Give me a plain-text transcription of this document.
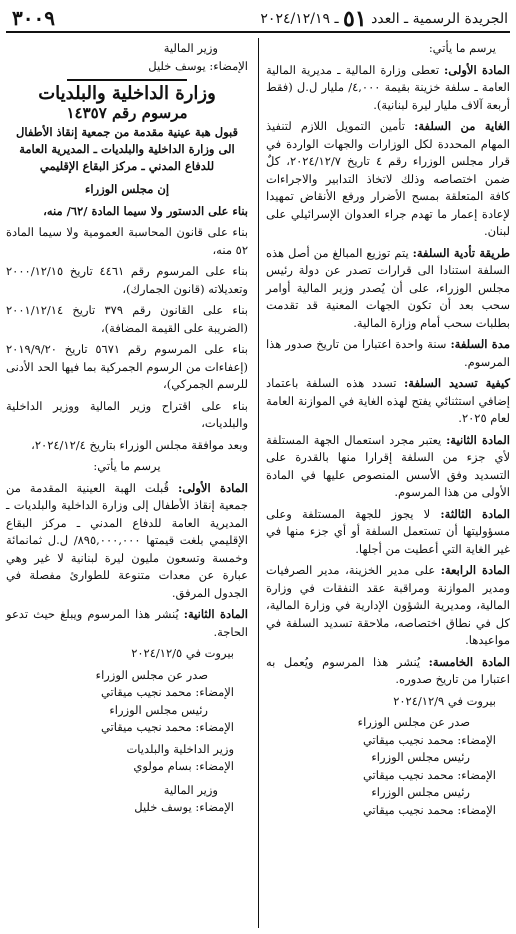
الجريدة الرسمية ـ العدد ٥١ ـ ٢٠٢٤/١٢/١٩
٣٠٠٩

يرسم ما يأتي:

المادة الأولى: تعطى وزارة المالية ـ مديرية المالية العامة ـ سلفة خزينة بقيمة ٤,٠٠٠/ مليار ل.ل (فقط أربعة آلاف مليار ليرة لبنانية).

الغاية من السلفة: تأمين التمويل اللازم لتنفيذ المهام المحددة لكل الوزارات والجهات الواردة في قرار مجلس الوزراء رقم ٤ تاريخ ٢٠٢٤/١٢/٧، كلٌ ضمن اختصاصه وذلك لاتخاذ التدابير والاجراءات كافة المتعلقة بمسح الأضرار ورفع الأنقاض تمهيدا لإعادة إعمار ما تهدم جراء العدوان الإسرائيلي على لبنان.

طريقة تأدية السلفة: يتم توزيع المبالغ من أصل هذه السلفة استنادا الى قرارات تصدر عن دولة رئيس مجلس الوزراء، على أن يُصدر وزير المالية أوامر سحب بعد أن تكون الجهات المعنية قد تقدمت بطلبات سحب أمام وزارة المالية.

مدة السلفة: سنة واحدة اعتبارا من تاريخ صدور هذا المرسوم.

كيفية تسديد السلفة: تسدد هذه السلفة باعتماد إضافي استثنائي يفتح لهذه الغاية في الموازنة العامة لعام ٢٠٢٥.

المادة الثانية: يعتبر مجرد استعمال الجهة المستلفة لأي جزء من السلفة إقرارا منها بالقدرة على التسديد وفق الأسس المنصوص عليها في المادة الأولى من هذا المرسوم.

المادة الثالثة: لا يجوز للجهة المستلفة وعلى مسؤوليتها أن تستعمل السلفة أو أي جزء منها في غير الغاية التي أعطيت من أجلها.

المادة الرابعة: على مدير الخزينة، مدير الصرفيات ومدير الموازنة ومراقبة عقد النفقات في وزارة المالية، ومديرية الشؤون الإدارية في وزارة المالية، كل في نطاق اختصاصه، ملاحقة تسديد السلفة في مواعيدها.

المادة الخامسة: يُنشر هذا المرسوم ويُعمل به اعتبارا من تاريخ صدوره.

بيروت في ٢٠٢٤/١٢/٩

صدر عن مجلس الوزراء

الإمضاء: محمد نجيب ميقاتي

رئيس مجلس الوزراء

الإمضاء: محمد نجيب ميقاتي

رئيس مجلس الوزراء

الإمضاء: محمد نجيب ميقاتي

وزير المالية

الإمضاء: يوسف خليل

وزارة الداخلية والبلديات
مرسوم رقم ١٤٣٥٧
قبول هبة عينية مقدمة من جمعية إنقاذ الأطفال الى وزارة الداخلية والبلديات ـ المديرية العامة للدفاع المدني ـ مركز البقاع الإقليمي

إن مجلس الوزراء

بناء على الدستور ولا سيما المادة /٦٢/ منه،

بناء على قانون المحاسبة العمومية ولا سيما المادة ٥٢ منه،

بناء على المرسوم رقم ٤٤٦١ تاريخ ٢٠٠٠/١٢/١٥ وتعديلاته (قانون الجمارك)،

بناء على القانون رقم ٣٧٩ تاريخ ٢٠٠١/١٢/١٤ (الضريبة على القيمة المضافة)،

بناء على المرسوم رقم ٥٦٧١ تاريخ ٢٠١٩/٩/٢٠ (إعفاءات من الرسوم الجمركية بما فيها الحد الأدنى للرسم الجمركي)،

بناء على اقتراح وزير المالية ووزير الداخلية والبلديات،

وبعد موافقة مجلس الوزراء بتاريخ ٢٠٢٤/١٢/٤،

يرسم ما يأتي:

المادة الأولى: قُبلت الهبة العينية المقدمة من جمعية إنقاذ الأطفال إلى وزارة الداخلية والبلديات ـ المديرية العامة للدفاع المدني ـ مركز البقاع الإقليمي بلغت قيمتها ٨٩٥,٠٠٠,٠٠٠/ ل.ل ثمانمائة وخمسة وتسعون مليون ليرة لبنانية لا غير وهي عبارة عن معدات متنوعة للطوارئ مفصلة في الجدول المرفق.

المادة الثانية: يُنشر هذا المرسوم ويبلغ حيث تدعو الحاجة.

بيروت في ٢٠٢٤/١٢/٥

صدر عن مجلس الوزراء

الإمضاء: محمد نجيب ميقاتي

رئيس مجلس الوزراء

الإمضاء: محمد نجيب ميقاتي

وزير الداخلية والبلديات

الإمضاء: بسام مولوي

وزير المالية

الإمضاء: يوسف خليل
